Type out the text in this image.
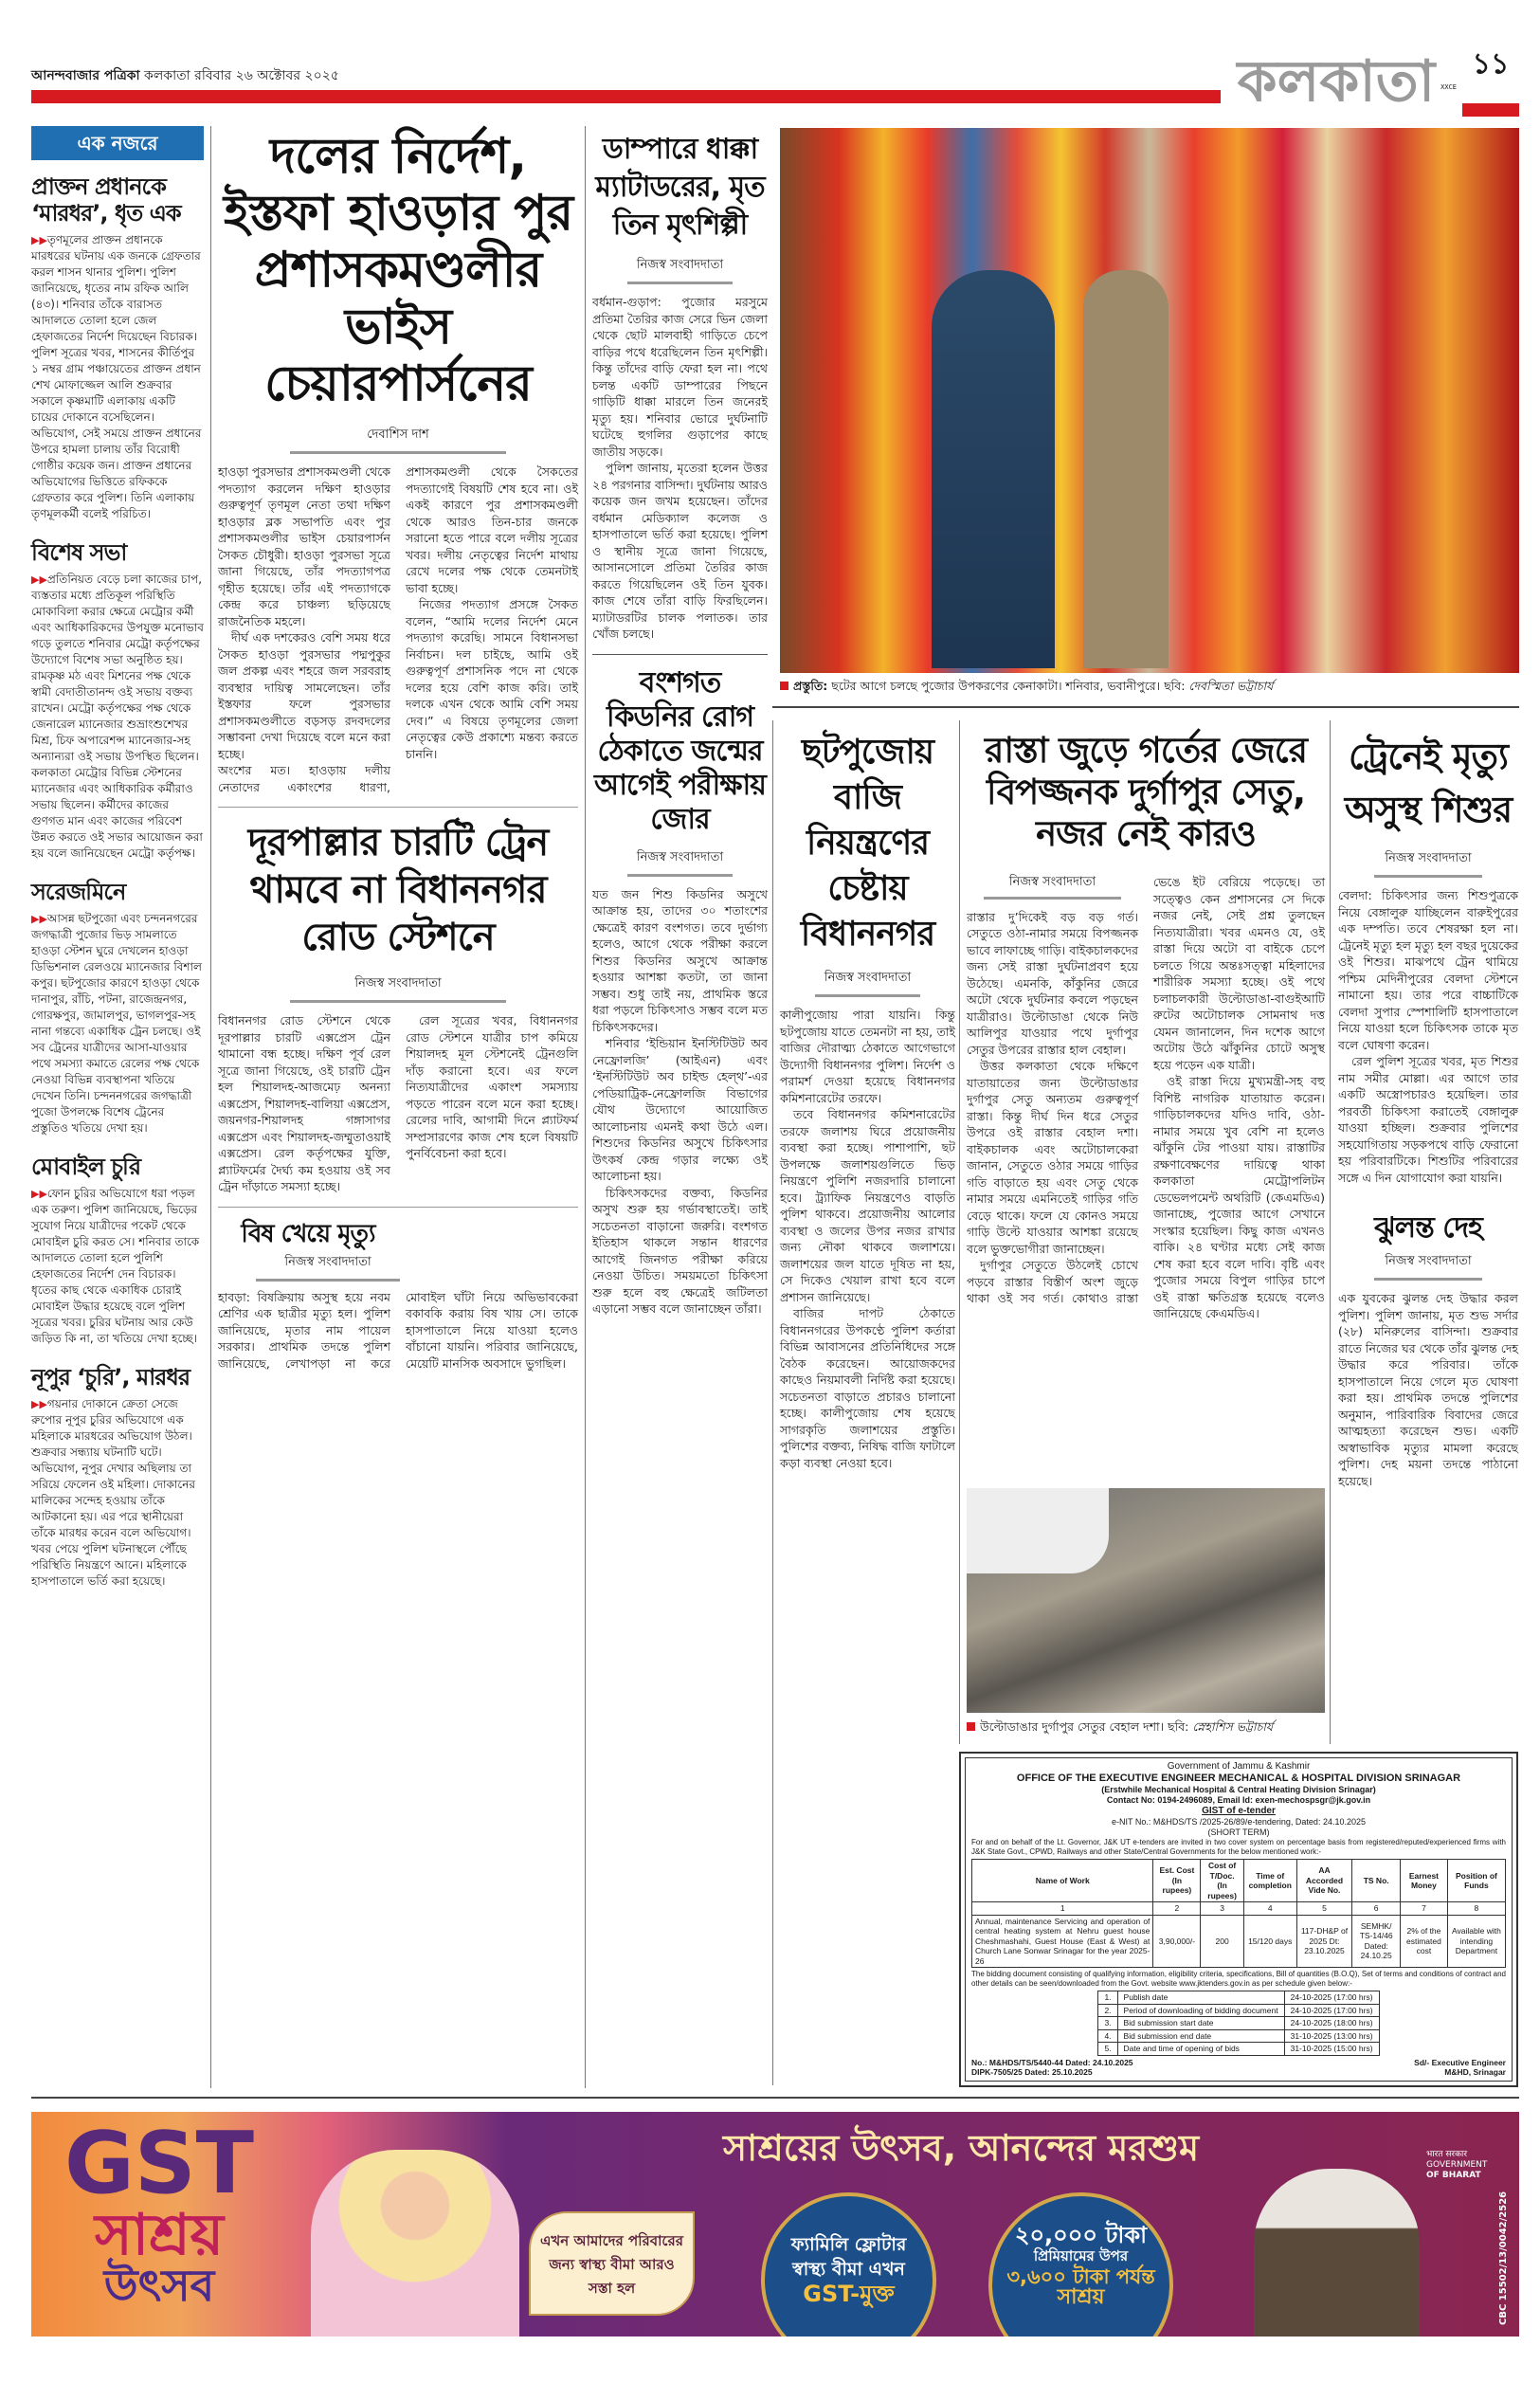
আনন্দবাজার পত্রিকা কলকাতা রবিবার ২৬ অক্টোবর ২০২৫	কলকাতা XXCE
১১
এক নজরে
প্রাক্তন প্রধানকে ‘মারধর’, ধৃত এক
▶▶তৃণমূলের প্রাক্তন প্রধানকে মারধরের ঘটনায় এক জনকে গ্রেফতার করল শাসন থানার পুলিশ। পুলিশ জানিয়েছে, ধৃতের নাম রফিক আলি (৪৩)। শনিবার তাঁকে বারাসত আদালতে তোলা হলে জেল হেফাজতের নির্দেশ দিয়েছেন বিচারক। পুলিশ সূত্রের খবর, শাসনের কীর্তিপুর ১ নম্বর গ্রাম পঞ্চায়েতের প্রাক্তন প্রধান শেখ মোফাজ্জেল আলি শুক্রবার সকালে কৃষ্ণমাটি এলাকায় একটি চায়ের দোকানে বসেছিলেন। অভিযোগ, সেই সময়ে প্রাক্তন প্রধানের উপরে হামলা চালায় তাঁর বিরোধী গোষ্ঠীর কয়েক জন। প্রাক্তন প্রধানের অভিযোগের ভিত্তিতে রফিককে গ্রেফতার করে পুলিশ। তিনি এলাকায় তৃণমূলকর্মী বলেই পরিচিত।
বিশেষ সভা
▶▶প্রতিনিয়ত বেড়ে চলা কাজের চাপ, ব্যস্ততার মধ্যে প্রতিকূল পরিস্থিতি মোকাবিলা করার ক্ষেত্রে মেট্রোর কর্মী এবং আধিকারিকদের উপযুক্ত মনোভাব গড়ে তুলতে শনিবার মেট্রো কর্তৃপক্ষের উদ্যোগে বিশেষ সভা অনুষ্ঠিত হয়। রামকৃষ্ণ মঠ এবং মিশনের পক্ষ থেকে স্বামী বেদাতীতানন্দ ওই সভায় বক্তব্য রাখেন। মেট্রো কর্তৃপক্ষের পক্ষ থেকে জেনারেল ম্যানেজার শুভ্রাংশুশেখর মিশ্র, চিফ অপারেশন্স ম্যানেজার-সহ অন্যান্যরা ওই সভায় উপস্থিত ছিলেন। কলকাতা মেট্রোর বিভিন্ন স্টেশনের ম্যানেজার এবং আধিকারিক কর্মীরাও সভায় ছিলেন। কর্মীদের কাজের গুণগত মান এবং কাজের পরিবেশ উন্নত করতে ওই সভার আয়োজন করা হয় বলে জানিয়েছেন মেট্রো কর্তৃপক্ষ।
সরেজমিনে
▶▶আসন্ন ছটপুজো এবং চন্দননগরের জগদ্ধাত্রী পুজোর ভিড় সামলাতে হাওড়া স্টেশন ঘুরে দেখলেন হাওড়া ডিভিশনাল রেলওয়ে ম্যানেজার বিশাল কপুর। ছটপুজোর কারণে হাওড়া থেকে দানাপুর, রাঁচি, পটনা, রাজেন্দ্রনগর, গোরক্ষপুর, জামালপুর, ভাগলপুর-সহ নানা গন্তব্যে একাধিক ট্রেন চলছে। ওই সব ট্রেনের যাত্রীদের আসা-যাওয়ার পথে সমস্যা কমাতে রেলের পক্ষ থেকে নেওয়া বিভিন্ন ব্যবস্থাপনা খতিয়ে দেখেন তিনি। চন্দননগরের জগদ্ধাত্রী পুজো উপলক্ষে বিশেষ ট্রেনের প্রস্তুতিও খতিয়ে দেখা হয়।
মোবাইল চুরি
▶▶ফোন চুরির অভিযোগে ধরা পড়ল এক তরুণ। পুলিশ জানিয়েছে, ভিড়ের সুযোগ নিয়ে যাত্রীদের পকেট থেকে মোবাইল চুরি করত সে। শনিবার তাকে আদালতে তোলা হলে পুলিশি হেফাজতের নির্দেশ দেন বিচারক। ধৃতের কাছ থেকে একাধিক চোরাই মোবাইল উদ্ধার হয়েছে বলে পুলিশ সূত্রের খবর। চুরির ঘটনায় আর কেউ জড়িত কি না, তা খতিয়ে দেখা হচ্ছে।
নূপুর ‘চুরি’, মারধর
▶▶গয়নার দোকানে ক্রেতা সেজে রুপোর নূপুর চুরির অভিযোগে এক মহিলাকে মারধরের অভিযোগ উঠল। শুক্রবার সন্ধ্যায় ঘটনাটি ঘটে। অভিযোগ, নূপুর দেখার অছিলায় তা সরিয়ে ফেলেন ওই মহিলা। দোকানের মালিকের সন্দেহ হওয়ায় তাঁকে আটকানো হয়। এর পরে স্থানীয়েরা তাঁকে মারধর করেন বলে অভিযোগ। খবর পেয়ে পুলিশ ঘটনাস্থলে পৌঁছে পরিস্থিতি নিয়ন্ত্রণে আনে। মহিলাকে হাসপাতালে ভর্তি করা হয়েছে।
দলের নির্দেশ, ইস্তফা হাওড়ার পুর প্রশাসকমণ্ডলীর ভাইস চেয়ারপার্সনের
দেবাশিস দাশ

হাওড়া পুরসভার প্রশাসকমণ্ডলী থেকে পদত্যাগ করলেন দক্ষিণ হাওড়ার গুরুত্বপূর্ণ তৃণমূল নেতা তথা দক্ষিণ হাওড়ার ব্লক সভাপতি এবং পুর প্রশাসকমণ্ডলীর ভাইস চেয়ারপার্সন সৈকত চৌধুরী। হাওড়া পুরসভা সূত্রে জানা গিয়েছে, তাঁর পদত্যাগপত্র গৃহীত হয়েছে। তাঁর এই পদত্যাগকে কেন্দ্র করে চাঞ্চল্য ছড়িয়েছে রাজনৈতিক মহলে।

দীর্ঘ এক দশকেরও বেশি সময় ধরে সৈকত হাওড়া পুরসভার পদ্মপুকুর জল প্রকল্প এবং শহরে জল সরবরাহ ব্যবস্থার দায়িত্ব সামলেছেন। তাঁর ইস্তফার ফলে পুরসভার প্রশাসকমণ্ডলীতে বড়সড় রদবদলের সম্ভাবনা দেখা দিয়েছে বলে মনে করা হচ্ছে।

অংশের মত। হাওড়ায় দলীয় নেতাদের একাংশের ধারণা, প্রশাসকমণ্ডলী থেকে সৈকতের পদত্যাগেই বিষয়টি শেষ হবে না। ওই একই কারণে পুর প্রশাসকমণ্ডলী থেকে আরও তিন-চার জনকে সরানো হতে পারে বলে দলীয় সূত্রের খবর। দলীয় নেতৃত্বের নির্দেশ মাথায় রেখে দলের পক্ষ থেকে তেমনটাই ভাবা হচ্ছে।

নিজের পদত্যাগ প্রসঙ্গে সৈকত বলেন, “আমি দলের নির্দেশ মেনে পদত্যাগ করেছি। সামনে বিধানসভা নির্বাচন। দল চাইছে, আমি ওই গুরুত্বপূর্ণ প্রশাসনিক পদে না থেকে দলের হয়ে বেশি কাজ করি। তাই দলকে এখন থেকে আমি বেশি সময় দেব।” এ বিষয়ে তৃণমূলের জেলা নেতৃত্বের কেউ প্রকাশ্যে মন্তব্য করতে চাননি।

দূরপাল্লার চারটি ট্রেন থামবে না বিধাননগর রোড স্টেশনে
নিজস্ব সংবাদদাতা

বিধাননগর রোড স্টেশনে থেকে দূরপাল্লার চারটি এক্সপ্রেস ট্রেন থামানো বন্ধ হচ্ছে। দক্ষিণ পূর্ব রেল সূত্রে জানা গিয়েছে, ওই চারটি ট্রেন হল শিয়ালদহ-আজমেঢ় অনন্যা এক্সপ্রেস, শিয়ালদহ-বালিয়া এক্সপ্রেস, জয়নগর-শিয়ালদহ গঙ্গাসাগর এক্সপ্রেস এবং শিয়ালদহ-জম্মুতাওয়াই এক্সপ্রেস। রেল কর্তৃপক্ষের যুক্তি, প্ল্যাটফর্মের দৈর্ঘ্য কম হওয়ায় ওই সব ট্রেন দাঁড়াতে সমস্যা হচ্ছে।

রেল সূত্রের খবর, বিধাননগর রোড স্টেশনে যাত্রীর চাপ কমিয়ে শিয়ালদহ মূল স্টেশনেই ট্রেনগুলি দাঁড় করানো হবে। এর ফলে নিত্যযাত্রীদের একাংশ সমস্যায় পড়তে পারেন বলে মনে করা হচ্ছে। রেলের দাবি, আগামী দিনে প্ল্যাটফর্ম সম্প্রসারণের কাজ শেষ হলে বিষয়টি পুনর্বিবেচনা করা হবে।

বিষ খেয়ে মৃত্যু
নিজস্ব সংবাদদাতা

হাবড়া: বিষক্রিয়ায় অসুস্থ হয়ে নবম শ্রেণির এক ছাত্রীর মৃত্যু হল। পুলিশ জানিয়েছে, মৃতার নাম পায়েল সরকার। প্রাথমিক তদন্তে পুলিশ জানিয়েছে, লেখাপড়া না করে মোবাইল ঘাঁটা নিয়ে অভিভাবকেরা বকাবকি করায় বিষ খায় সে। তাকে হাসপাতালে নিয়ে যাওয়া হলেও বাঁচানো যায়নি। পরিবার জানিয়েছে, মেয়েটি মানসিক অবসাদে ভুগছিল।

ডাম্পারে ধাক্কা ম্যাটাডরের, মৃত তিন মৃৎশিল্পী
নিজস্ব সংবাদদাতা

বর্ধমান-গুড়াপ: পুজোর মরসুমে প্রতিমা তৈরির কাজ সেরে ভিন জেলা থেকে ছোট মালবাহী গাড়িতে চেপে বাড়ির পথে ধরেছিলেন তিন মৃৎশিল্পী। কিন্তু তাঁদের বাড়ি ফেরা হল না। পথে চলন্ত একটি ডাম্পারের পিছনে গাড়িটি ধাক্কা মারলে তিন জনেরই মৃত্যু হয়। শনিবার ভোরে দুর্ঘটনাটি ঘটেছে হুগলির গুড়াপের কাছে জাতীয় সড়কে।

পুলিশ জানায়, মৃতেরা হলেন উত্তর ২৪ পরগনার বাসিন্দা। দুর্ঘটনায় আরও কয়েক জন জখম হয়েছেন। তাঁদের বর্ধমান মেডিক্যাল কলেজ ও হাসপাতালে ভর্তি করা হয়েছে। পুলিশ ও স্থানীয় সূত্রে জানা গিয়েছে, আসানসোলে প্রতিমা তৈরির কাজ করতে গিয়েছিলেন ওই তিন যুবক। কাজ শেষে তাঁরা বাড়ি ফিরছিলেন। ম্যাটাডরটির চালক পলাতক। তার খোঁজ চলছে।

বংশগত কিডনির রোগ ঠেকাতে জন্মের আগেই পরীক্ষায় জোর
নিজস্ব সংবাদদাতা

যত জন শিশু কিডনির অসুখে আক্রান্ত হয়, তাদের ৩০ শতাংশের ক্ষেত্রেই কারণ বংশগত। তবে দুর্ভাগ্য হলেও, আগে থেকে পরীক্ষা করলে শিশুর কিডনির অসুখে আক্রান্ত হওয়ার আশঙ্কা কতটা, তা জানা সম্ভব। শুধু তাই নয়, প্রাথমিক স্তরে ধরা পড়লে চিকিৎসাও সম্ভব বলে মত চিকিৎসকদের।

শনিবার ‘ইন্ডিয়ান ইনস্টিটিউট অব নেফ্রোলজি’ (আইএন) এবং ‘ইনস্টিটিউট অব চাইল্ড হেল্থ’-এর পেডিয়াট্রিক-নেফ্রোলজি বিভাগের যৌথ উদ্যোগে আয়োজিত আলোচনায় এমনই কথা উঠে এল। শিশুদের কিডনির অসুখে চিকিৎসার উৎকর্ষ কেন্দ্র গড়ার লক্ষ্যে ওই আলোচনা হয়।

চিকিৎসকদের বক্তব্য, কিডনির অসুখ শুরু হয় গর্ভাবস্থাতেই। তাই সচেতনতা বাড়ানো জরুরি। বংশগত ইতিহাস থাকলে সন্তান ধারণের আগেই জিনগত পরীক্ষা করিয়ে নেওয়া উচিত। সময়মতো চিকিৎসা শুরু হলে বহু ক্ষেত্রেই জটিলতা এড়ানো সম্ভব বলে জানাচ্ছেন তাঁরা।

প্রস্তুতি: ছটের আগে চলছে পুজোর উপকরণের কেনাকাটা। শনিবার, ভবানীপুরে। ছবি: দেবস্মিতা ভট্টাচার্য
ছটপুজোয় বাজি নিয়ন্ত্রণের চেষ্টায় বিধাননগর
নিজস্ব সংবাদদাতা

কালীপুজোয় পারা যায়নি। কিন্তু ছটপুজোয় যাতে তেমনটা না হয়, তাই বাজির দৌরাত্ম্য ঠেকাতে আগেভাগে উদ্যোগী বিধাননগর পুলিশ। নির্দেশ ও পরামর্শ দেওয়া হয়েছে বিধাননগর কমিশনারেটের তরফে।

তবে বিধাননগর কমিশনারেটের তরফে জলাশয় ঘিরে প্রয়োজনীয় ব্যবস্থা করা হচ্ছে। পাশাপাশি, ছট উপলক্ষে জলাশয়গুলিতে ভিড় নিয়ন্ত্রণে পুলিশি নজরদারি চালানো হবে। ট্র্যাফিক নিয়ন্ত্রণেও বাড়তি পুলিশ থাকবে। প্রয়োজনীয় আলোর ব্যবস্থা ও জলের উপর নজর রাখার জন্য নৌকা থাকবে জলাশয়ে। জলাশয়ের জল যাতে দূষিত না হয়, সে দিকেও খেয়াল রাখা হবে বলে প্রশাসন জানিয়েছে।

বাজির দাপট ঠেকাতে বিধাননগরের উপকণ্ঠে পুলিশ কর্তারা বিভিন্ন আবাসনের প্রতিনিধিদের সঙ্গে বৈঠক করেছেন। আয়োজকদের কাছেও নিয়মাবলী নির্দিষ্ট করা হয়েছে। সচেতনতা বাড়াতে প্রচারও চালানো হচ্ছে। কালীপুজোয় শেষ হয়েছে সাগরকৃতি জলাশয়ের প্রস্তুতি। পুলিশের বক্তব্য, নিষিদ্ধ বাজি ফাটালে কড়া ব্যবস্থা নেওয়া হবে।

রাস্তা জুড়ে গর্তের জেরে বিপজ্জনক দুর্গাপুর সেতু, নজর নেই কারও
নিজস্ব সংবাদদাতা

রাস্তার দু’দিকেই বড় বড় গর্ত। সেতুতে ওঠা-নামার সময়ে বিপজ্জনক ভাবে লাফাচ্ছে গাড়ি। বাইকচালকদের জন্য সেই রাস্তা দুর্ঘটনাপ্রবণ হয়ে উঠেছে। এমনকি, কাঁকুনির জেরে অটো থেকে দুর্ঘটনার কবলে পড়ছেন যাত্রীরাও। উল্টোডাঙা থেকে নিউ আলিপুর যাওয়ার পথে দুর্গাপুর সেতুর উপরের রাস্তার হাল বেহাল।

উত্তর কলকাতা থেকে দক্ষিণে যাতায়াতের জন্য উল্টোডাঙার দুর্গাপুর সেতু অন্যতম গুরুত্বপূর্ণ রাস্তা। কিন্তু দীর্ঘ দিন ধরে সেতুর উপরে ওই রাস্তার বেহাল দশা। বাইকচালক এবং অটোচালকেরা জানান, সেতুতে ওঠার সময়ে গাড়ির গতি বাড়াতে হয় এবং সেতু থেকে নামার সময়ে এমনিতেই গাড়ির গতি বেড়ে থাকে। ফলে যে কোনও সময়ে গাড়ি উল্টে যাওয়ার আশঙ্কা রয়েছে বলে ভুক্তভোগীরা জানাচ্ছেন।

দুর্গাপুর সেতুতে উঠলেই চোখে পড়বে রাস্তার বিস্তীর্ণ অংশ জুড়ে থাকা ওই সব গর্ত। কোথাও রাস্তা ভেঙে ইট বেরিয়ে পড়েছে। তা সত্ত্বেও কেন প্রশাসনের সে দিকে নজর নেই, সেই প্রশ্ন তুলছেন নিত্যযাত্রীরা। খবর এমনও যে, ওই রাস্তা দিয়ে অটো বা বাইকে চেপে চলতে গিয়ে অন্তঃসত্ত্বা মহিলাদের শারীরিক সমস্যা হচ্ছে। ওই পথে চলাচলকারী উল্টোডাঙা-বাগুইআটি রুটের অটোচালক সোমনাথ দত্ত যেমন জানালেন, দিন দশেক আগে অটোয় উঠে ঝাঁকুনির চোটে অসুস্থ হয়ে পড়েন এক যাত্রী।

ওই রাস্তা দিয়ে মুখ্যমন্ত্রী-সহ বহু বিশিষ্ট নাগরিক যাতায়াত করেন। গাড়িচালকদের যদিও দাবি, ওঠা-নামার সময়ে খুব বেশি না হলেও ঝাঁকুনি টের পাওয়া যায়। রাস্তাটির রক্ষণাবেক্ষণের দায়িত্বে থাকা কলকাতা মেট্রোপলিটন ডেভেলপমেন্ট অথরিটি (কেএমডিএ) জানাচ্ছে, পুজোর আগে সেখানে সংস্কার হয়েছিল। কিছু কাজ এখনও বাকি। ২৪ ঘণ্টার মধ্যে সেই কাজ শেষ করা হবে বলে দাবি। বৃষ্টি এবং পুজোর সময়ে বিপুল গাড়ির চাপে ওই রাস্তা ক্ষতিগ্রস্ত হয়েছে বলেও জানিয়েছে কেএমডিএ।

উল্টোডাঙার দুর্গাপুর সেতুর বেহাল দশা। ছবি: স্নেহাশিস ভট্টাচার্য
ট্রেনেই মৃত্যু অসুস্থ শিশুর
নিজস্ব সংবাদদাতা

বেলদা: চিকিৎসার জন্য শিশুপুত্রকে নিয়ে বেঙ্গালুরু যাচ্ছিলেন বারুইপুরের এক দম্পতি। তবে শেষরক্ষা হল না। ট্রেনেই মৃত্যু হল মৃত্যু হল বছর দুয়েকের ওই শিশুর। মাঝপথে ট্রেন থামিয়ে পশ্চিম মেদিনীপুরের বেলদা স্টেশনে নামানো হয়। তার পরে বাচ্চাটিকে বেলদা সুপার স্পেশালিটি হাসপাতালে নিয়ে যাওয়া হলে চিকিৎসক তাকে মৃত বলে ঘোষণা করেন।

রেল পুলিশ সূত্রের খবর, মৃত শিশুর নাম সমীর মোল্লা। এর আগে তার একটি অস্ত্রোপচারও হয়েছিল। তার পরবর্তী চিকিৎসা করাতেই বেঙ্গালুরু যাওয়া হচ্ছিল। শুক্রবার পুলিশের সহযোগিতায় সড়কপথে বাড়ি ফেরানো হয় পরিবারটিকে। শিশুটির পরিবারের সঙ্গে এ দিন যোগাযোগ করা যায়নি।

ঝুলন্ত দেহ
নিজস্ব সংবাদদাতা

এক যুবকের ঝুলন্ত দেহ উদ্ধার করল পুলিশ। পুলিশ জানায়, মৃত শুভ সর্দার (২৮) মনিরুলের বাসিন্দা। শুক্রবার রাতে নিজের ঘর থেকে তাঁর ঝুলন্ত দেহ উদ্ধার করে পরিবার। তাঁকে হাসপাতালে নিয়ে গেলে মৃত ঘোষণা করা হয়। প্রাথমিক তদন্তে পুলিশের অনুমান, পারিবারিক বিবাদের জেরে আত্মহত্যা করেছেন শুভ। একটি অস্বাভাবিক মৃত্যুর মামলা করেছে পুলিশ। দেহ ময়না তদন্তে পাঠানো হয়েছে।

Government of Jammu & Kashmir
OFFICE OF THE EXECUTIVE ENGINEER MECHANICAL & HOSPITAL DIVISION SRINAGAR
(Erstwhile Mechanical Hospital & Central Heating Division Srinagar)
Contact No: 0194-2496089, Email Id: exen-mechospsgr@jk.gov.in
GIST of e-tender
e-NIT No.: M&HDS/TS /2025-26/89/e-tendering, Dated: 24.10.2025
(SHORT TERM)
For and on behalf of the Lt. Governor, J&K UT e-tenders are invited in two cover system on percentage basis from registered/reputed/experienced firms with J&K State Govt., CPWD, Railways and other State/Central Governments for the below mentioned work:-
Name of Work	Est. Cost (In rupees)	Cost of T/Doc. (In rupees)	Time of completion	AA Accorded Vide No.	TS No.	Earnest Money	Position of Funds
1	2	3	4	5	6	7	8
Annual, maintenance Servicing and operation of central heating system at Nehru guest house Cheshmashahi, Guest House (East & West) at Church Lane Sonwar Srinagar for the year 2025-26	3,90,000/-	200	15/120 days	117-DH&P of 2025 Dt: 23.10.2025	SEMHK/ TS-14/46 Dated: 24.10.25	2% of the estimated cost	Available with intending Department
The bidding document consisting of qualifying information, eligibility criteria, specifications, Bill of quantities (B.O.Q), Set of terms and conditions of contract and other details can be seen/downloaded from the Govt. website www.jktenders.gov.in as per schedule given below:-
1.	Publish date	24-10-2025 (17:00 hrs)
2.	Period of downloading of bidding document	24-10-2025 (17:00 hrs)
3.	Bid submission start date	24-10-2025 (18:00 hrs)
4.	Bid submission end date	31-10-2025 (13:00 hrs)
5.	Date and time of opening of bids	31-10-2025 (15:00 hrs)
No.: M&HDS/TS/5440-44 Dated: 24.10.2025
DIPK-7505/25 Dated: 25.10.2025
Sd/- Executive Engineer
M&HD, Srinagar
GST
সাশ্রয়
উৎসব
এখন আমাদের পরিবারের জন্য স্বাস্থ্য বীমা আরও সস্তা হল
সাশ্রয়ের উৎসব, আনন্দের মরশুম
ফ্যামিলি ফ্লোটার
স্বাস্থ্য বীমা এখন
GST-মুক্ত
২০,০০০ টাকা
প্রিমিয়ামের উপর
৩,৬০০ টাকা পর্যন্ত
সাশ্রয়
भारत सरकार
GOVERNMENT
OF BHARAT
CBC 15502/13/0042/2526
